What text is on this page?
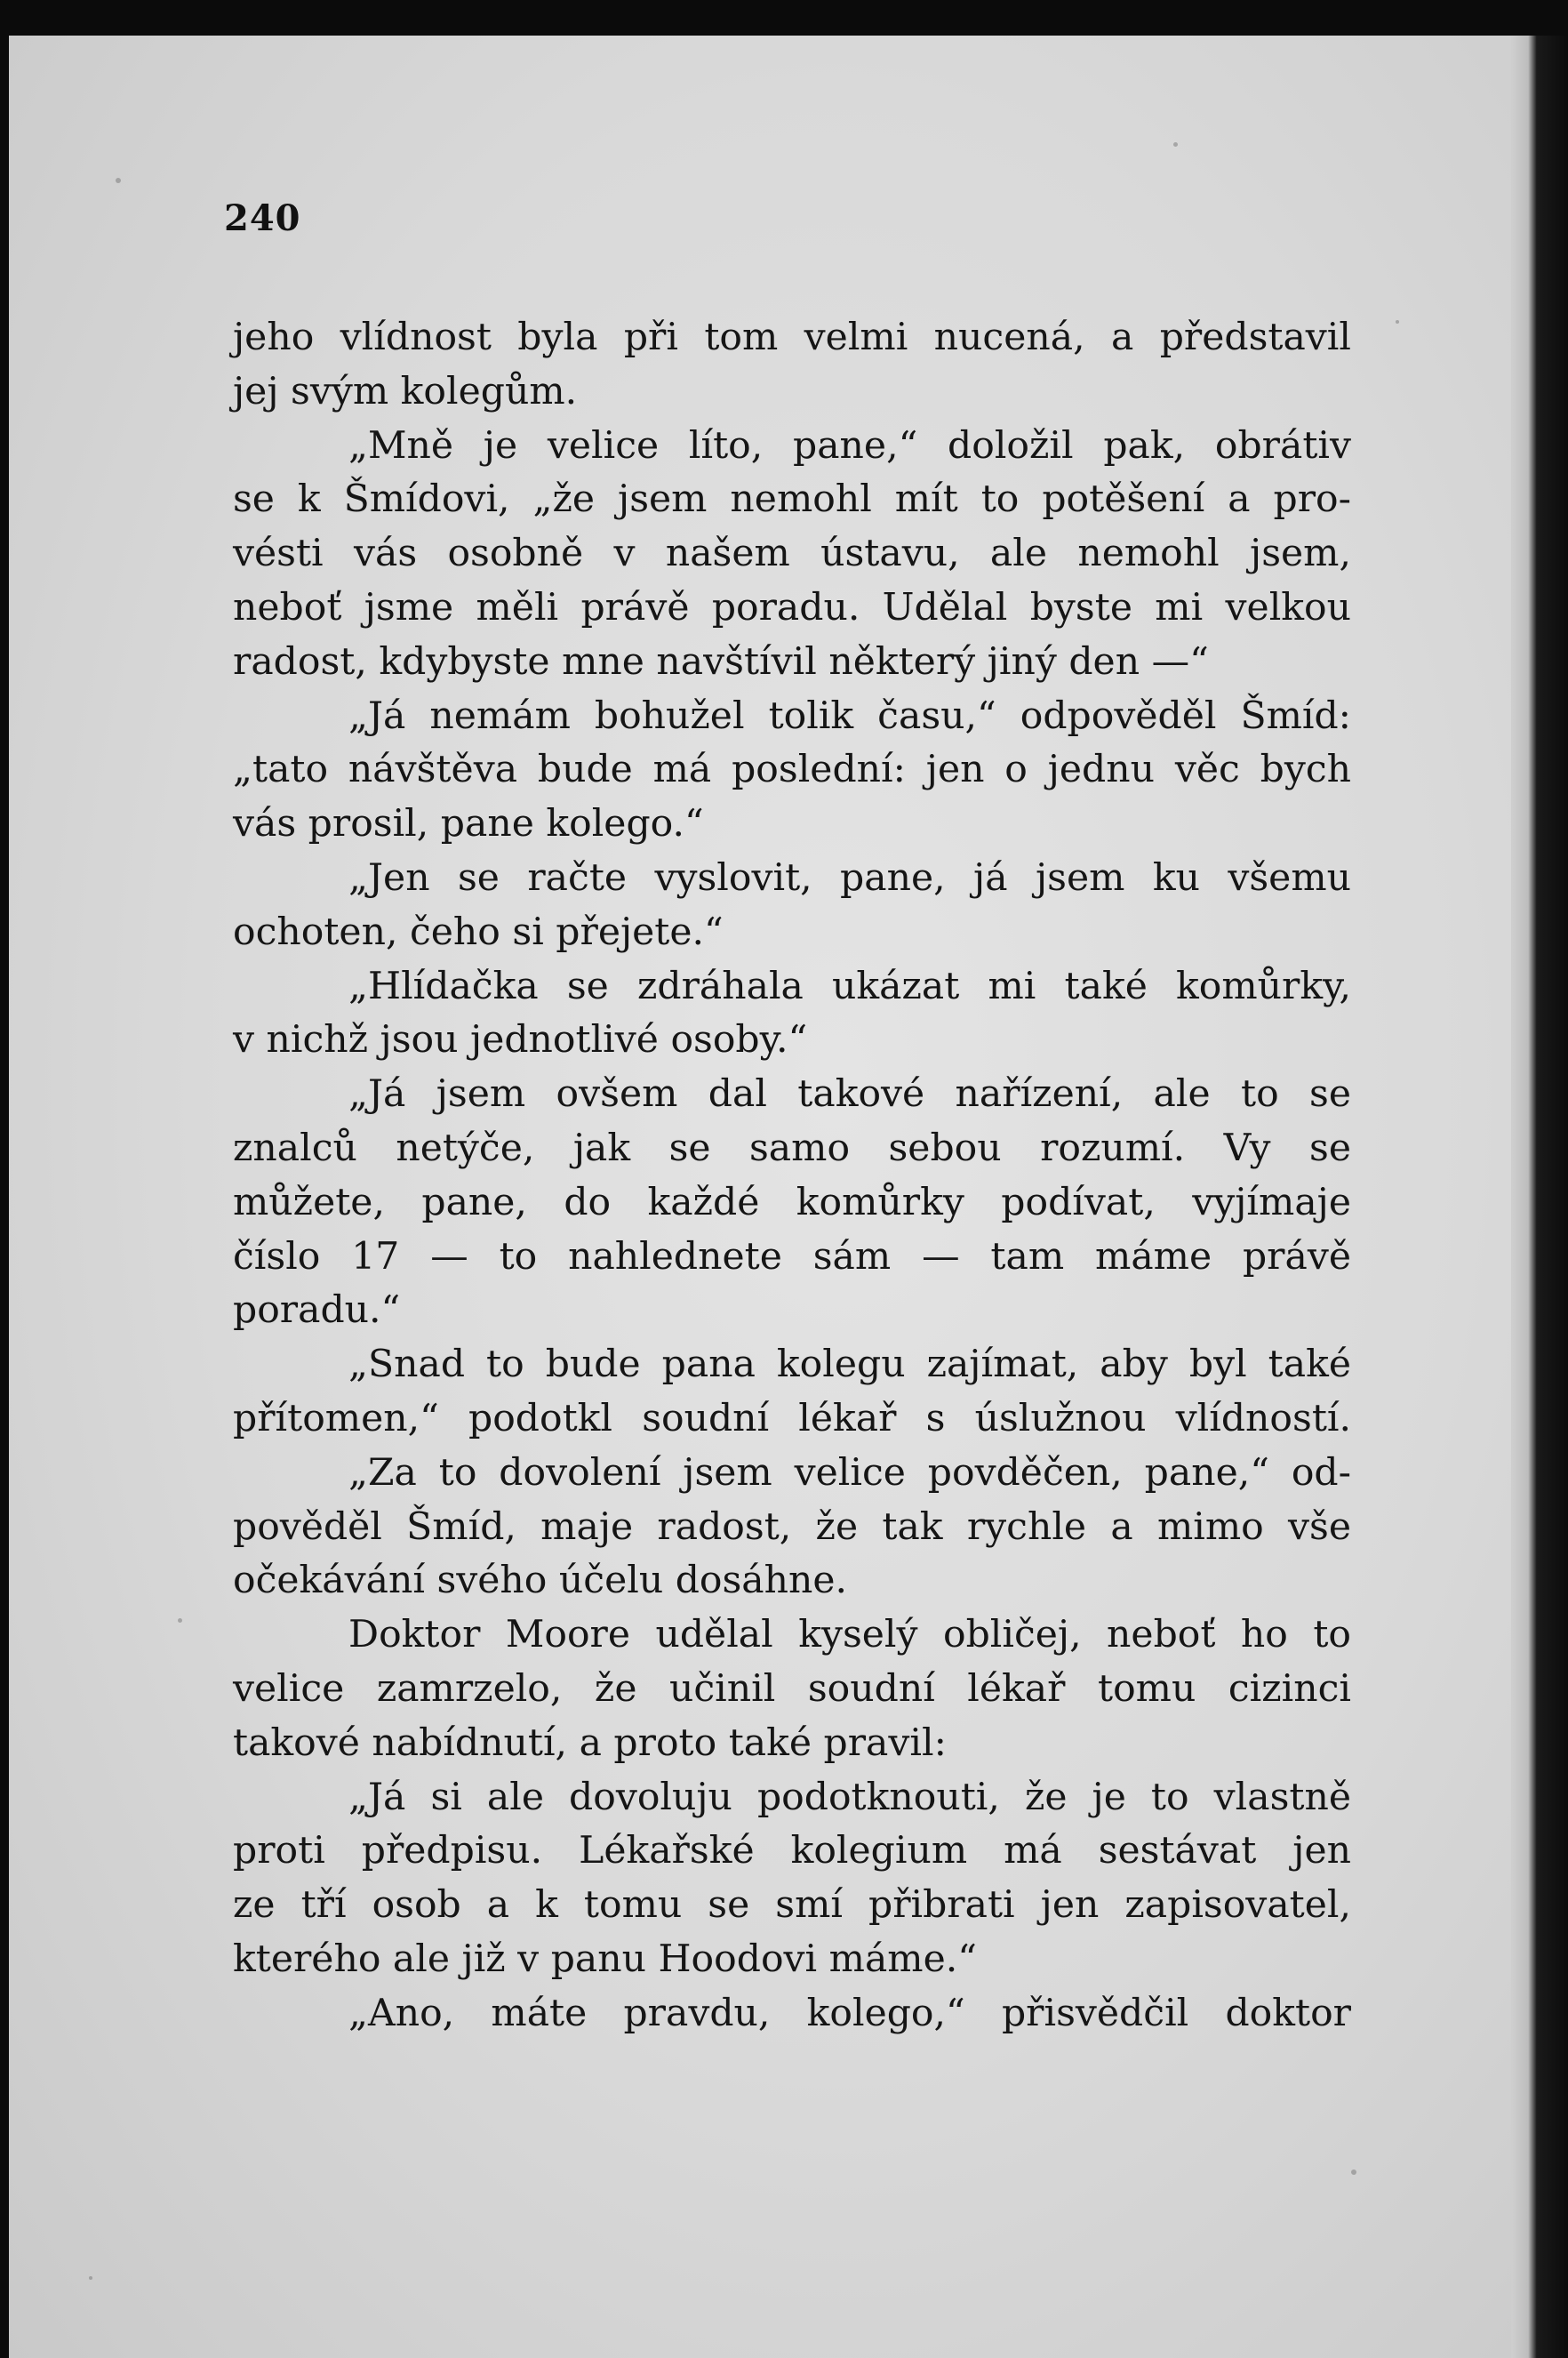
240
jeho vlídnost byla při tom velmi nucená, a představil
jej svým kolegům.
„Mně je velice líto, pane,“ doložil pak, obrátiv
se k Šmídovi, „že jsem nemohl mít to potěšení a pro-
vésti vás osobně v našem ústavu, ale nemohl jsem,
neboť jsme měli právě poradu. Udělal byste mi velkou
radost, kdybyste mne navštívil některý jiný den —“
„Já nemám bohužel tolik času,“ odpověděl Šmíd:
„tato návštěva bude má poslední: jen o jednu věc bych
vás prosil, pane kolego.“
„Jen se račte vyslovit, pane, já jsem ku všemu
ochoten, čeho si přejete.“
„Hlídačka se zdráhala ukázat mi také komůrky,
v nichž jsou jednotlivé osoby.“
„Já jsem ovšem dal takové nařízení, ale to se
znalců netýče, jak se samo sebou rozumí. Vy se
můžete, pane, do každé komůrky podívat, vyjímaje
číslo 17 — to nahlednete sám — tam máme právě
poradu.“
„Snad to bude pana kolegu zajímat, aby byl také
přítomen,“ podotkl soudní lékař s úslužnou vlídností.
„Za to dovolení jsem velice povděčen, pane,“ od-
pověděl Šmíd, maje radost, že tak rychle a mimo vše
očekávání svého účelu dosáhne.
Doktor Moore udělal kyselý obličej, neboť ho to
velice zamrzelo, že učinil soudní lékař tomu cizinci
takové nabídnutí, a proto také pravil:
„Já si ale dovoluju podotknouti, že je to vlastně
proti předpisu. Lékařské kolegium má sestávat jen
ze tří osob a k tomu se smí přibrati jen zapisovatel,
kterého ale již v panu Hoodovi máme.“
„Ano, máte pravdu, kolego,“ přisvědčil doktor
